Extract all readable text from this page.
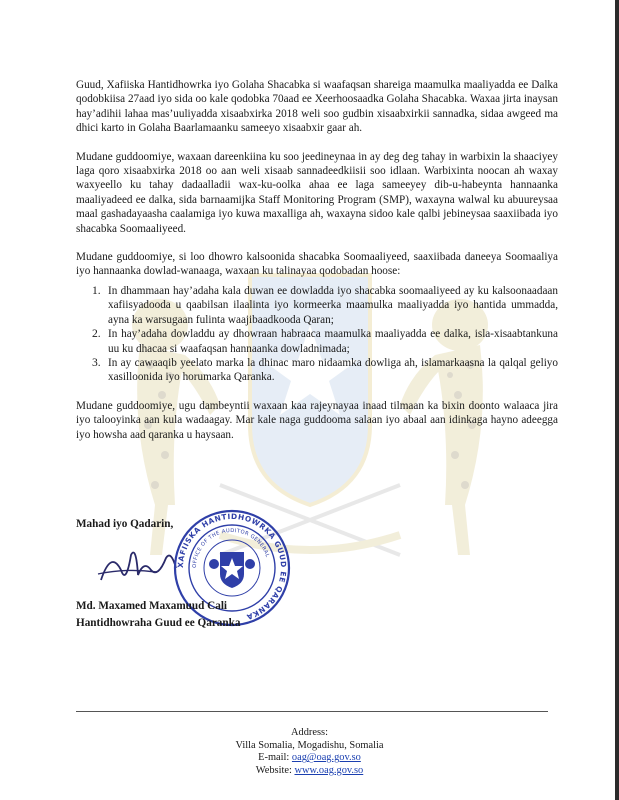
Guud, Xafiiska Hantidhowrka iyo Golaha Shacabka si waafaqsan shareiga maamulka maaliyadda ee Dalka qodobkiisa 27aad iyo sida oo kale qodobka 70aad ee Xeerhoosaadka Golaha Shacabka. Waxaa jirta inaysan hay’adihii lahaa mas’uuliyadda xisaabxirka 2018 weli soo gudbin xisaabxirkii sannadka, sidaa awgeed ma dhici karto in Golaha Baarlamaanku sameeyo xisaabxir gaar ah.

Mudane guddoomiye, waxaan dareenkiina ku soo jeedineynaa in ay deg deg tahay in warbixin la shaaciyey laga qoro xisaabxirka 2018 oo aan weli xisaab sannadeedkiisii soo idlaan. Warbixinta noocan ah waxay waxyeello ku tahay dadaalladii wax-ku-oolka ahaa ee laga sameeyey dib-u-habeynta hannaanka maaliyadeed ee dalka, sida barnaamijka Staff Monitoring Program (SMP), waxayna walwal ku abuureysaa maal gashadayaasha caalamiga iyo kuwa maxalliga ah, waxayna sidoo kale qalbi jebineysaa saaxiibada iyo shacabka Soomaaliyeed.

Mudane guddoomiye, si loo dhowro kalsoonida shacabka Soomaaliyeed, saaxiibada daneeya Soomaaliya iyo hannaanka dowlad-wanaaga, waxaan ku talinayaa qodobadan hoose:

1. In dhammaan hay’adaha kala duwan ee dowladda iyo shacabka soomaaliyeed ay ku kalsoonaadaan xafiisyadooda u qaabilsan ilaalinta iyo kormeerka maamulka maaliyadda iyo hantida ummadda, ayna ka warsugaan fulinta waajibaadkooda Qaran;
2. In hay’adaha dowladdu ay dhowraan habraaca maamulka maaliyadda ee dalka, isla-xisaabtankuna uu ku dhacaa si waafaqsan hannaanka dowladnimada;
3. In ay cawaaqib yeelato marka la dhinac maro nidaamka dowliga ah, islamarkaasna la qalqal geliyo xasilloonida iyo horumarka Qaranka.

Mudane guddoomiye, ugu dambeyntii waxaan kaa rajeynayaa inaad tilmaan ka bixin doonto walaaca jira iyo talooyinka aan kula wadaagay. Mar kale naga guddooma salaan iyo abaal aan idinkaga hayno adeegga iyo howsha aad qaranka u haysaan.

Mahad iyo Qadarin,
XAFIISKA HANTIDHOWRKA GUUD EE QARANKA
OFFICE OF THE AUDITOR GENERAL
Md. Maxamed Maxamuud Cali
Hantidhowraha Guud ee Qaranka
Address:
Villa Somalia, Mogadishu, Somalia
E-mail: oag@oag.gov.so
Website: www.oag.gov.so
